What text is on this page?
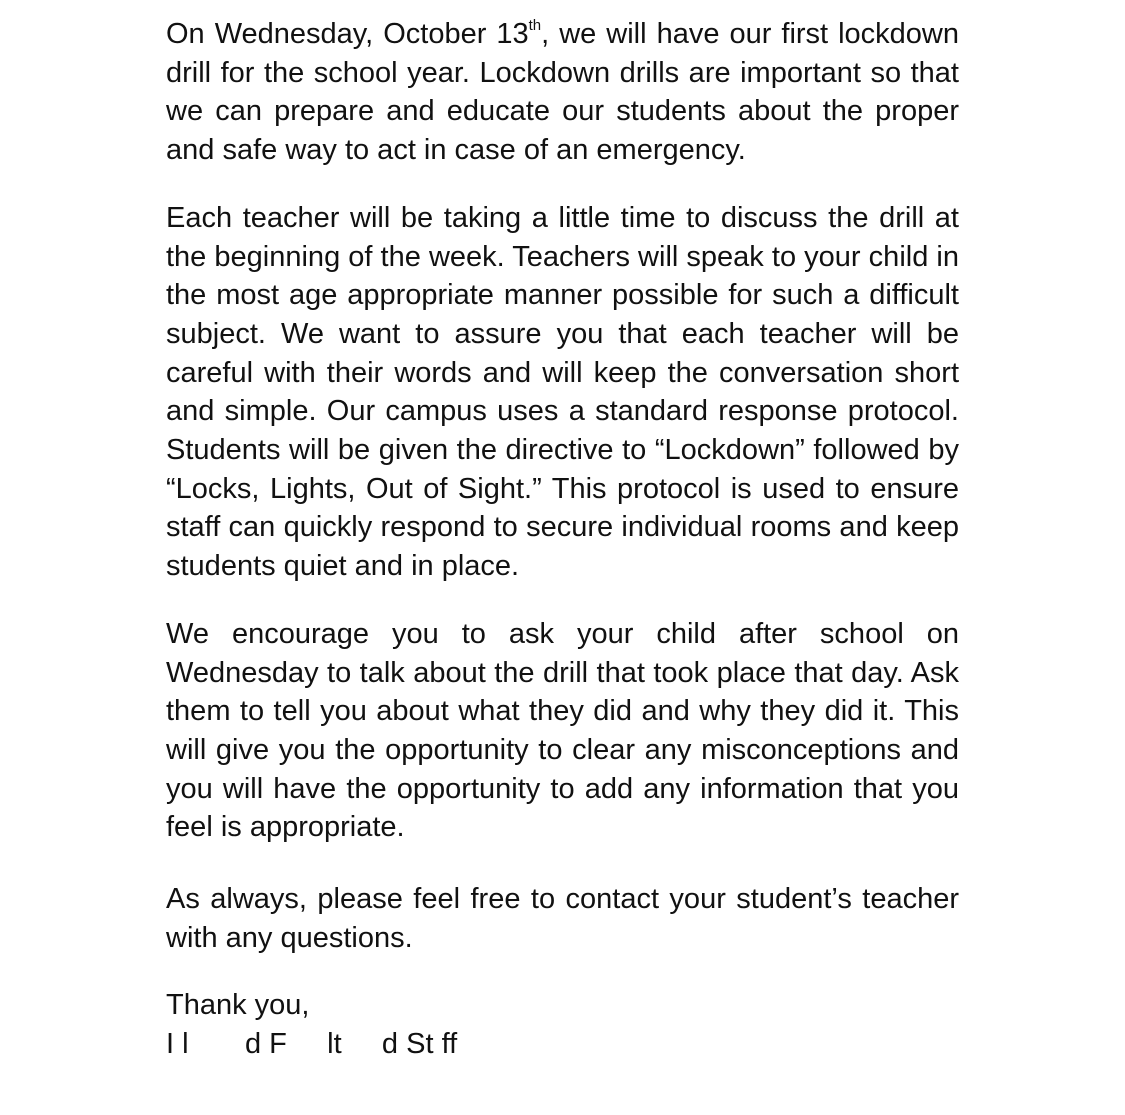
On Wednesday, October 13th, we will have our first lockdown drill for the school year. Lockdown drills are important so that we can prepare and educate our students about the proper and safe way to act in case of an emergency.

Each teacher will be taking a little time to discuss the drill at the beginning of the week. Teachers will speak to your child in the most age appropriate manner possible for such a difficult subject. We want to assure you that each teacher will be careful with their words and will keep the conversation short and simple. Our campus uses a standard response protocol. Students will be given the directive to “Lockdown” followed by “Locks, Lights, Out of Sight.” This protocol is used to ensure staff can quickly respond to secure individual rooms and keep students quiet and in place.

We encourage you to ask your child after school on Wednesday to talk about the drill that took place that day. Ask them to tell you about what they did and why they did it. This will give you the opportunity to clear any misconceptions and you will have the opportunity to add any information that you feel is appropriate.

As always, please feel free to contact your student’s teacher with any questions.

Thank you,
I l       d F     lt     d St ff
